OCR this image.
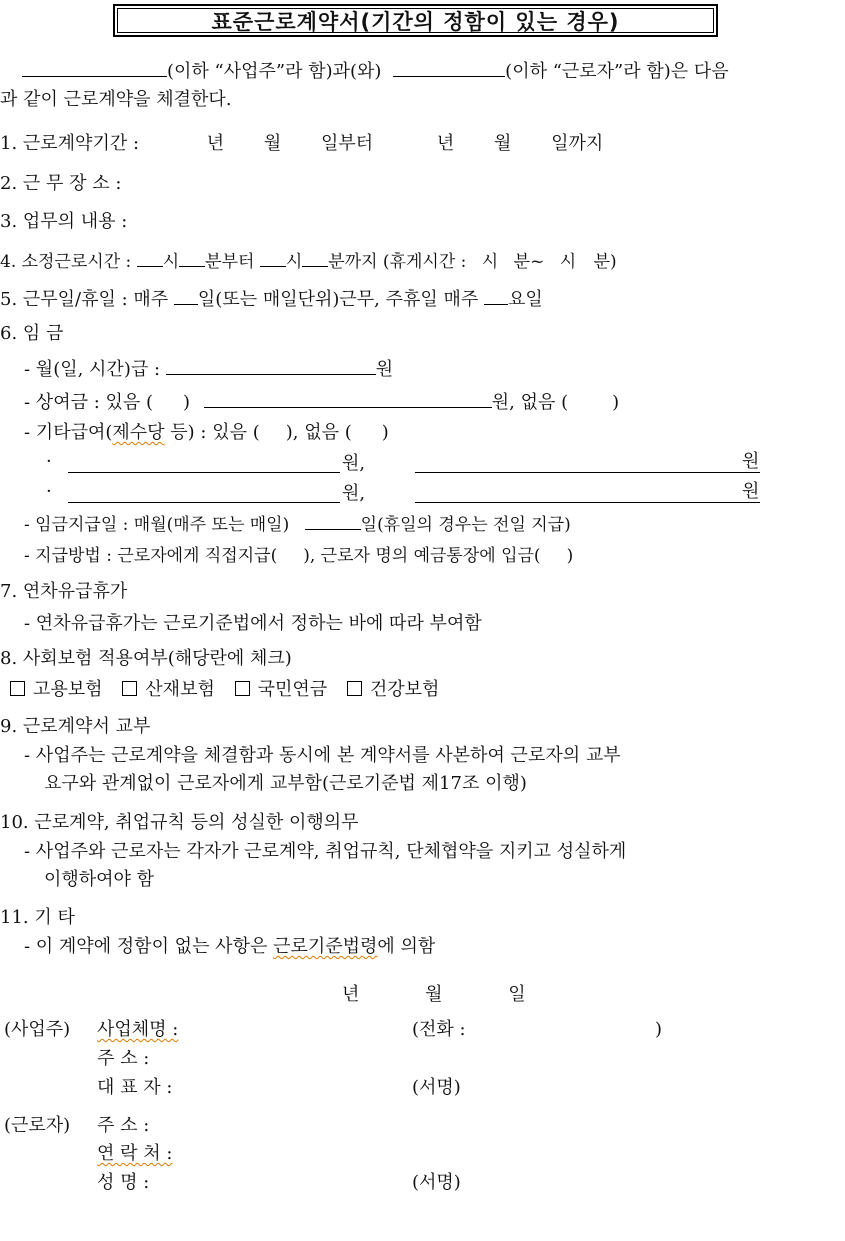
표준근로계약서(기간의 정함이 있는 경우)
(이하 “사업주”라 함)과(와)	(이하 “근로자”라 함)은 다음
과 같이 근로계약을 체결한다.
1. 근로계약기간 :	년 월 일부터	년 월 일까지
2. 근 무 장 소 :
3. 업무의 내용 :
4. 소정근로시간 : 시 분부터 시 분까지 (휴게시간 : 시 분~ 시 분)
5. 근무일/휴일 : 매주 일(또는 매일단위)근무, 주휴일 매주 요일
6. 임 금
- 월(일, 시간)급 :	원
- 상여금 : 있음 ( )	원, 없음 ( )
- 기타급여(제수당 등) : 있음 ( ), 없음 ( )
·	원,	원
·	원,	원
- 임금지급일 : 매월(매주 또는 매일)	일(휴일의 경우는 전일 지급)
- 지급방법 : 근로자에게 직접지급( ), 근로자 명의 예금통장에 입금( )
7. 연차유급휴가
- 연차유급휴가는 근로기준법에서 정하는 바에 따라 부여함
8. 사회보험 적용여부(해당란에 체크)
고용보험 산재보험 국민연금 건강보험
9. 근로계약서 교부
- 사업주는 근로계약을 체결함과 동시에 본 계약서를 사본하여 근로자의 교부
요구와 관계없이 근로자에게 교부함(근로기준법 제17조 이행)
10. 근로계약, 취업규칙 등의 성실한 이행의무
- 사업주와 근로자는 각자가 근로계약, 취업규칙, 단체협약을 지키고 성실하게
이행하여야 함
11. 기 타
- 이 계약에 정함이 없는 사항은 근로기준법령에 의함
년	월	일
(사업주) 사업체명 :	(전화 :	)
주 소 :
대 표 자 :	(서명)
(근로자) 주 소 :
연 락 처 :
성 명 :	(서명)
